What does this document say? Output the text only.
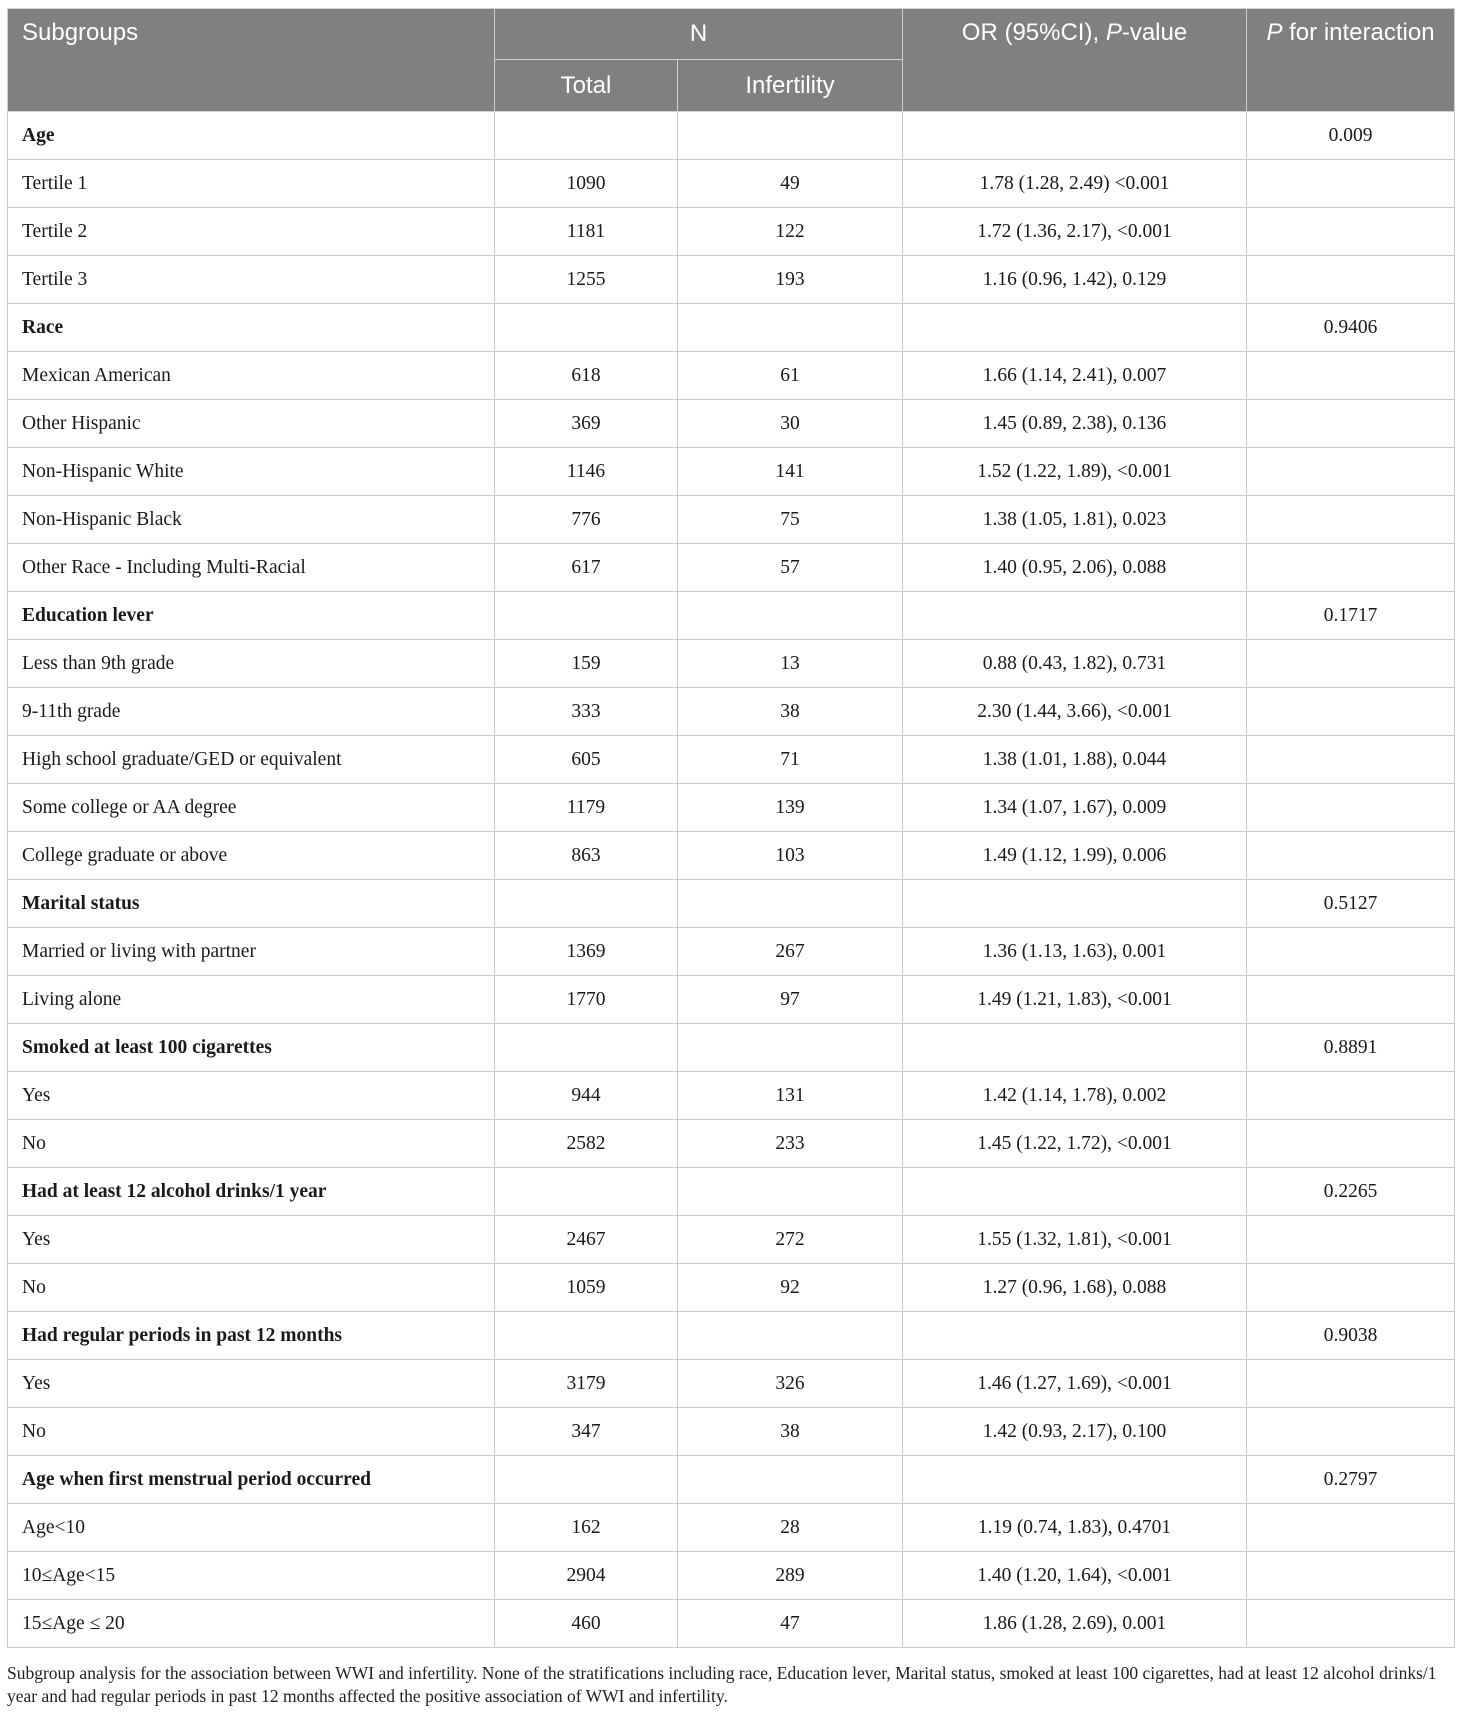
Subgroups	N		OR (95%CI), P-value	P for interaction
	Total	Infertility		
Age				0.009
Tertile 1	1090	49	1.78 (1.28, 2.49) <0.001	
Tertile 2	1181	122	1.72 (1.36, 2.17), <0.001	
Tertile 3	1255	193	1.16 (0.96, 1.42), 0.129	
Race				0.9406
Mexican American	618	61	1.66 (1.14, 2.41), 0.007	
Other Hispanic	369	30	1.45 (0.89, 2.38), 0.136	
Non-Hispanic White	1146	141	1.52 (1.22, 1.89), <0.001	
Non-Hispanic Black	776	75	1.38 (1.05, 1.81), 0.023	
Other Race - Including Multi-Racial	617	57	1.40 (0.95, 2.06), 0.088	
Education lever				0.1717
Less than 9th grade	159	13	0.88 (0.43, 1.82), 0.731	
9-11th grade	333	38	2.30 (1.44, 3.66), <0.001	
High school graduate/GED or equivalent	605	71	1.38 (1.01, 1.88), 0.044	
Some college or AA degree	1179	139	1.34 (1.07, 1.67), 0.009	
College graduate or above	863	103	1.49 (1.12, 1.99), 0.006	
Marital status				0.5127
Married or living with partner	1369	267	1.36 (1.13, 1.63), 0.001	
Living alone	1770	97	1.49 (1.21, 1.83), <0.001	
Smoked at least 100 cigarettes				0.8891
Yes	944	131	1.42 (1.14, 1.78), 0.002	
No	2582	233	1.45 (1.22, 1.72), <0.001	
Had at least 12 alcohol drinks/1 year				0.2265
Yes	2467	272	1.55 (1.32, 1.81), <0.001	
No	1059	92	1.27 (0.96, 1.68), 0.088	
Had regular periods in past 12 months				0.9038
Yes	3179	326	1.46 (1.27, 1.69), <0.001	
No	347	38	1.42 (0.93, 2.17), 0.100	
Age when first menstrual period occurred				0.2797
Age<10	162	28	1.19 (0.74, 1.83), 0.4701	
10≤Age<15	2904	289	1.40 (1.20, 1.64), <0.001	
15≤Age ≤ 20	460	47	1.86 (1.28, 2.69), 0.001	
Subgroup analysis for the association between WWI and infertility. None of the stratifications including race, Education lever, Marital status, smoked at least 100 cigarettes, had at least 12 alcohol drinks/1 year and had regular periods in past 12 months affected the positive association of WWI and infertility.
